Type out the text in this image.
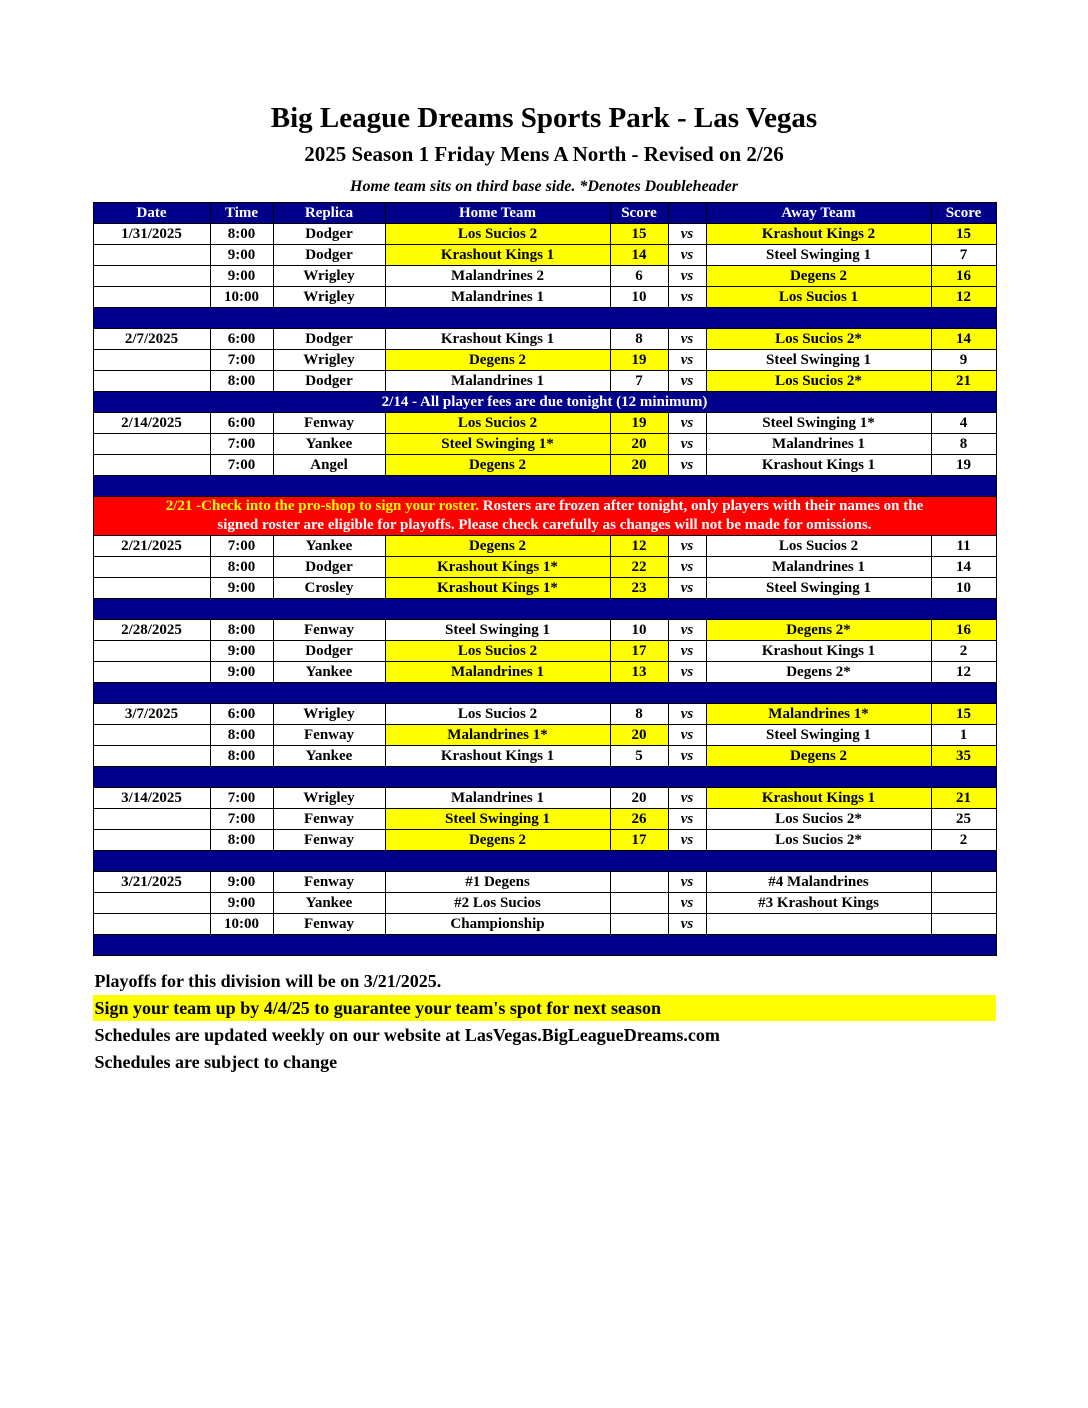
Big League Dreams Sports Park - Las Vegas
2025 Season 1 Friday Mens A North - Revised on 2/26
Home team sits on third base side. *Denotes Doubleheader
Date	Time	Replica	Home Team	Score		Away Team	Score
1/31/2025	8:00	Dodger	Los Sucios 2	15	vs	Krashout Kings 2	15
	9:00	Dodger	Krashout Kings 1	14	vs	Steel Swinging 1	7
	9:00	Wrigley	Malandrines 2	6	vs	Degens 2	16
	10:00	Wrigley	Malandrines 1	10	vs	Los Sucios 1	12

2/7/2025	6:00	Dodger	Krashout Kings 1	8	vs	Los Sucios 2*	14
	7:00	Wrigley	Degens 2	19	vs	Steel Swinging 1	9
	8:00	Dodger	Malandrines 1	7	vs	Los Sucios 2*	21
2/14 - All player fees are due tonight (12 minimum)							
2/14/2025	6:00	Fenway	Los Sucios 2	19	vs	Steel Swinging 1*	4
	7:00	Yankee	Steel Swinging 1*	20	vs	Malandrines 1	8
	7:00	Angel	Degens 2	20	vs	Krashout Kings 1	19

2/21 -Check into the pro-shop to sign your roster. Rosters are frozen after tonight, only players with their names on the
signed roster are eligible for playoffs. Please check carefully as changes will not be made for omissions.							
2/21/2025	7:00	Yankee	Degens 2	12	vs	Los Sucios 2	11
	8:00	Dodger	Krashout Kings 1*	22	vs	Malandrines 1	14
	9:00	Crosley	Krashout Kings 1*	23	vs	Steel Swinging 1	10

2/28/2025	8:00	Fenway	Steel Swinging 1	10	vs	Degens 2*	16
	9:00	Dodger	Los Sucios 2	17	vs	Krashout Kings 1	2
	9:00	Yankee	Malandrines 1	13	vs	Degens 2*	12

3/7/2025	6:00	Wrigley	Los Sucios 2	8	vs	Malandrines 1*	15
	8:00	Fenway	Malandrines 1*	20	vs	Steel Swinging 1	1
	8:00	Yankee	Krashout Kings 1	5	vs	Degens 2	35

3/14/2025	7:00	Wrigley	Malandrines 1	20	vs	Krashout Kings 1	21
	7:00	Fenway	Steel Swinging 1	26	vs	Los Sucios 2*	25
	8:00	Fenway	Degens 2	17	vs	Los Sucios 2*	2

3/21/2025	9:00	Fenway	#1 Degens		vs	#4 Malandrines	
	9:00	Yankee	#2 Los Sucios		vs	#3 Krashout Kings	
	10:00	Fenway	Championship		vs		

Playoffs for this division will be on 3/21/2025.
Sign your team up by 4/4/25 to guarantee your team's spot for next season
Schedules are updated weekly on our website at LasVegas.BigLeagueDreams.com
Schedules are subject to change
